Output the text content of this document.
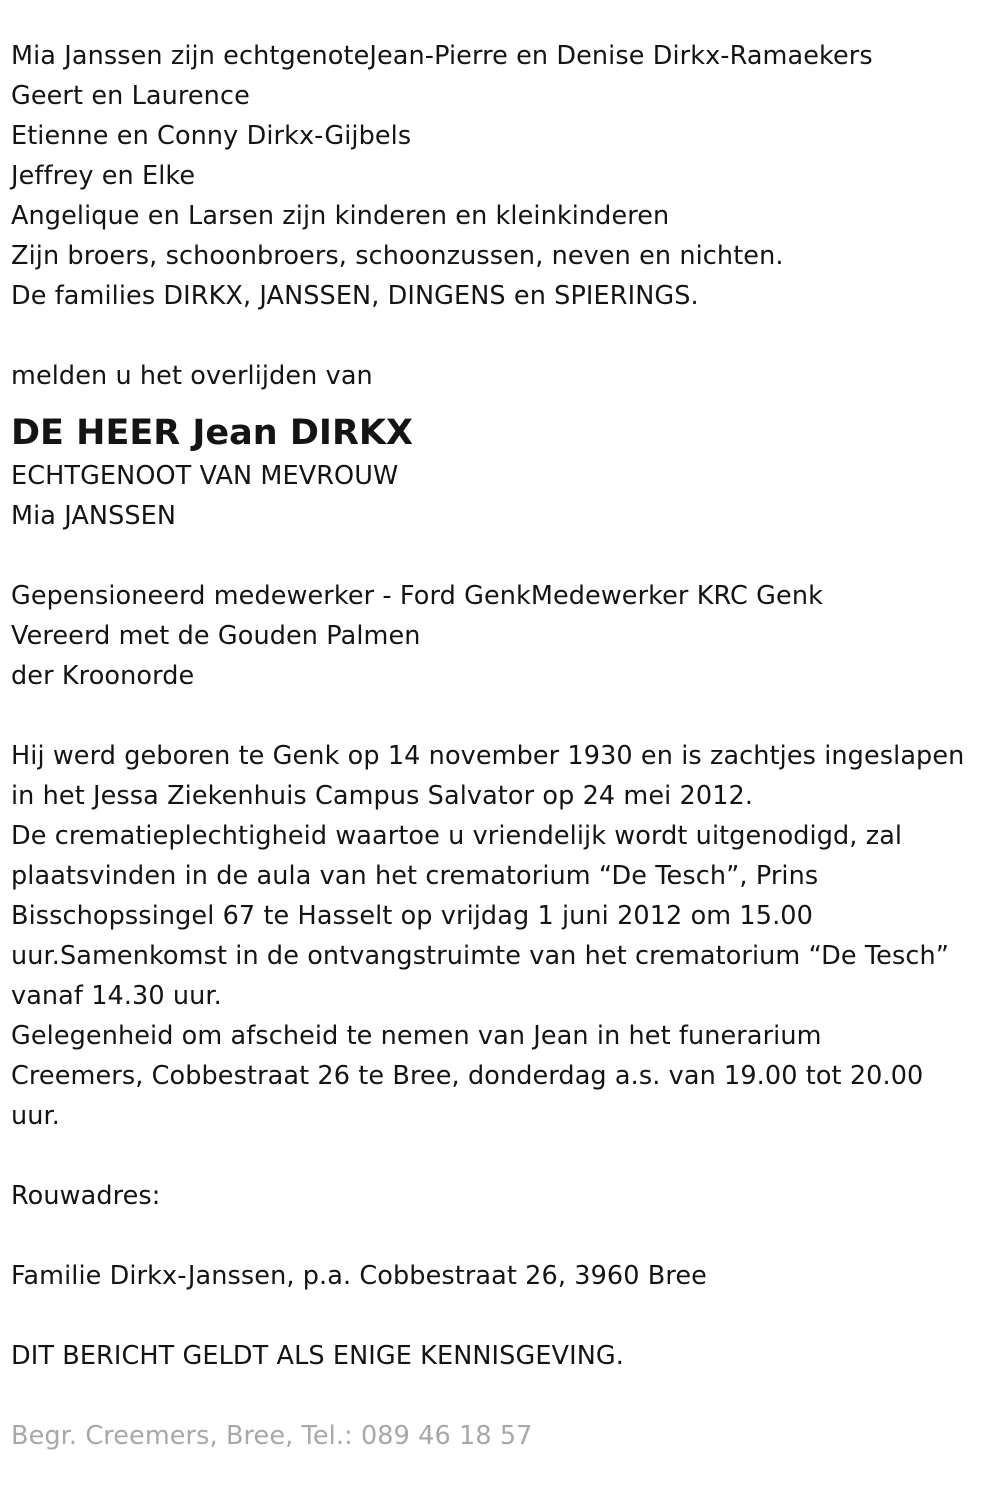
Mia Janssen zijn echtgenoteJean-Pierre en Denise Dirkx-Ramaekers
Geert en Laurence
Etienne en Conny Dirkx-Gijbels
Jeffrey en Elke
Angelique en Larsen zijn kinderen en kleinkinderen
Zijn broers, schoonbroers, schoonzussen, neven en nichten.
De families DIRKX, JANSSEN, DINGENS en SPIERINGS.
melden u het overlijden van
DE HEER Jean DIRKX
ECHTGENOOT VAN MEVROUW
Mia JANSSEN
Gepensioneerd medewerker - Ford GenkMedewerker KRC Genk
Vereerd met de Gouden Palmen
der Kroonorde
Hij werd geboren te Genk op 14 november 1930 en is zachtjes ingeslapen
in het Jessa Ziekenhuis Campus Salvator op 24 mei 2012.
De crematieplechtigheid waartoe u vriendelijk wordt uitgenodigd, zal
plaatsvinden in de aula van het crematorium “De Tesch”, Prins
Bisschopssingel 67 te Hasselt op vrijdag 1 juni 2012 om 15.00
uur.Samenkomst in de ontvangstruimte van het crematorium “De Tesch”
vanaf 14.30 uur.
Gelegenheid om afscheid te nemen van Jean in het funerarium
Creemers, Cobbestraat 26 te Bree, donderdag a.s. van 19.00 tot 20.00
uur.
Rouwadres:
Familie Dirkx-Janssen, p.a. Cobbestraat 26, 3960 Bree
DIT BERICHT GELDT ALS ENIGE KENNISGEVING.
Begr. Creemers, Bree, Tel.: 089 46 18 57
